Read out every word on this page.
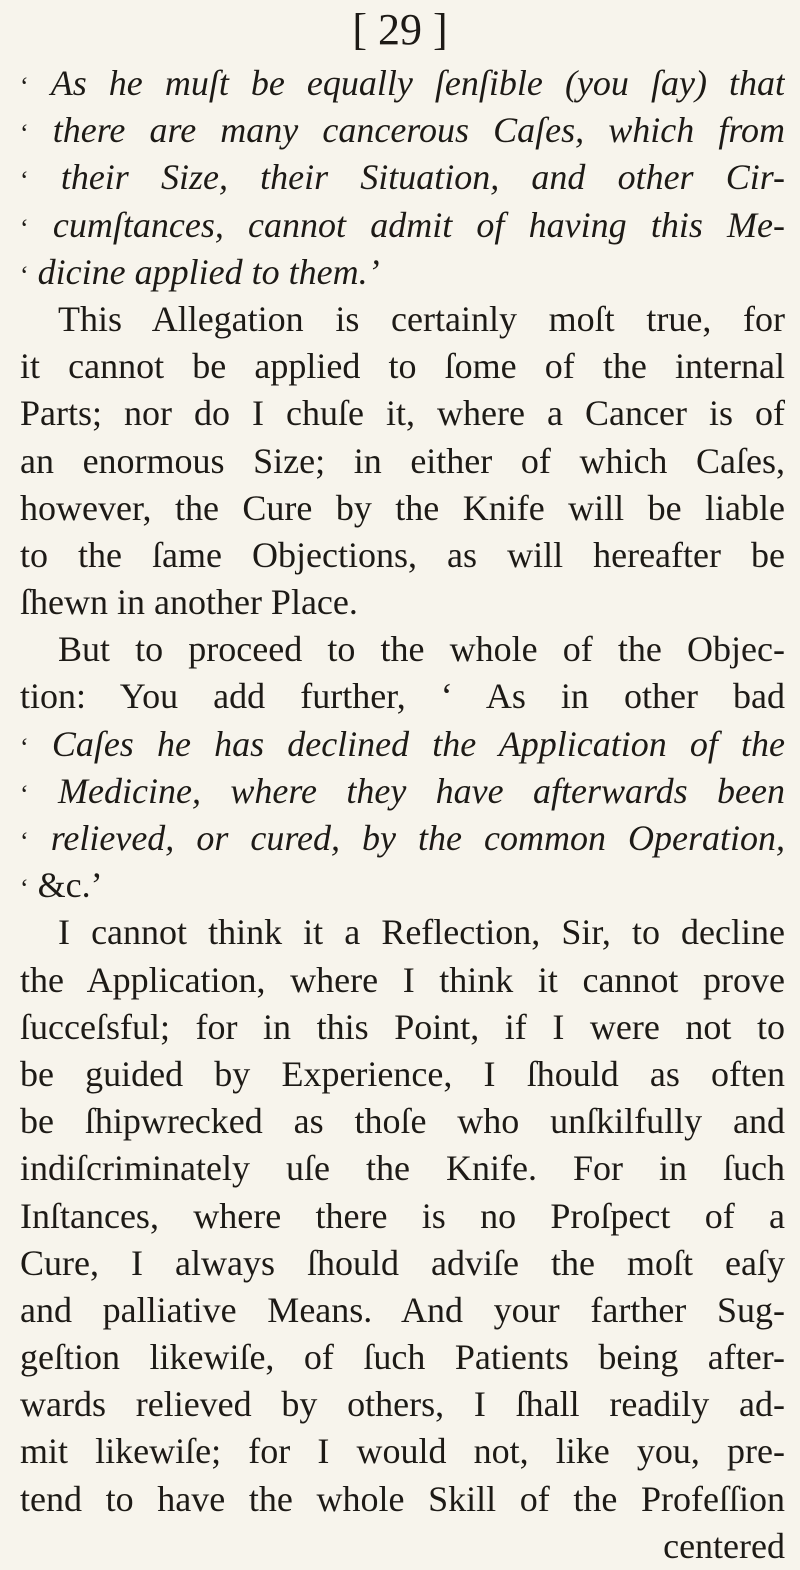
[ 29 ]
‘ As he muſt be equally ſenſible (you ſay) that
‘ there are many cancerous Caſes, which from
‘ their Size, their Situation, and other Cir-
‘ cumſtances, cannot admit of having this Me-
‘ dicine applied to them.’
This Allegation is certainly moſt true, for
it cannot be applied to ſome of the internal
Parts; nor do I chuſe it, where a Cancer is of
an enormous Size; in either of which Caſes,
however, the Cure by the Knife will be liable
to the ſame Objections, as will hereafter be
ſhewn in another Place.
But to proceed to the whole of the Objec-
tion: You add further, ‘ As in other bad
‘ Caſes he has declined the Application of the
‘ Medicine, where they have afterwards been
‘ relieved, or cured, by the common Operation,
‘ &c.’
I cannot think it a Reflection, Sir, to decline
the Application, where I think it cannot prove
ſucceſsful; for in this Point, if I were not to
be guided by Experience, I ſhould as often
be ſhipwrecked as thoſe who unſkilfully and
indiſcriminately uſe the Knife. For in ſuch
Inſtances, where there is no Proſpect of a
Cure, I always ſhould adviſe the moſt eaſy
and palliative Means. And your farther Sug-
geſtion likewiſe, of ſuch Patients being after-
wards relieved by others, I ſhall readily ad-
mit likewiſe; for I would not, like you, pre-
tend to have the whole Skill of the Profeſſion
centered
